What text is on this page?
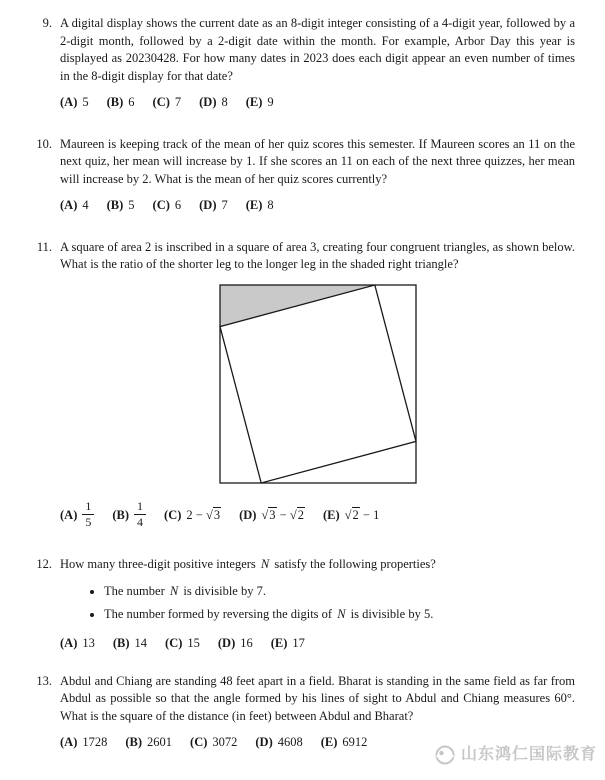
9. A digital display shows the current date as an 8-digit integer consisting of a 4-digit year, followed by a 2-digit month, followed by a 2-digit date within the month. For example, Arbor Day this year is displayed as 20230428. For how many dates in 2023 does each digit appear an even number of times in the 8-digit display for that date?

(A) 5 (B) 6 (C) 7 (D) 8 (E) 9
10. Maureen is keeping track of the mean of her quiz scores this semester. If Maureen scores an 11 on the next quiz, her mean will increase by 1. If she scores an 11 on each of the next three quizzes, her mean will increase by 2. What is the mean of her quiz scores currently?

(A) 4 (B) 5 (C) 6 (D) 7 (E) 8
11. A square of area 2 is inscribed in a square of area 3, creating four congruent triangles, as shown below. What is the ratio of the shorter leg to the longer leg in the shaded right triangle?

$(A) \frac{1}{5} (B) \frac{1}{4} (C) 2 - √3$ (D) √3 − √2 (E) √2 − 1
12. How many three-digit positive integers N satisfy the following properties?

• The number N is divisible by 7.
• The number formed by reversing the digits of N is divisible by 5.
(A) 13 (B) 14 (C) 15 (D) 16 (E) 17
13. Abdul and Chiang are standing 48 feet apart in a field. Bharat is standing in the same field as far from Abdul as possible so that the angle formed by his lines of sight to Abdul and Chiang measures 60°. What is the square of the distance (in feet) between Abdul and Bharat?

(A) 1728 (B) 2601 (C) 3072 (D) 4608 (E) 6912
山东鸿仁国际教育
